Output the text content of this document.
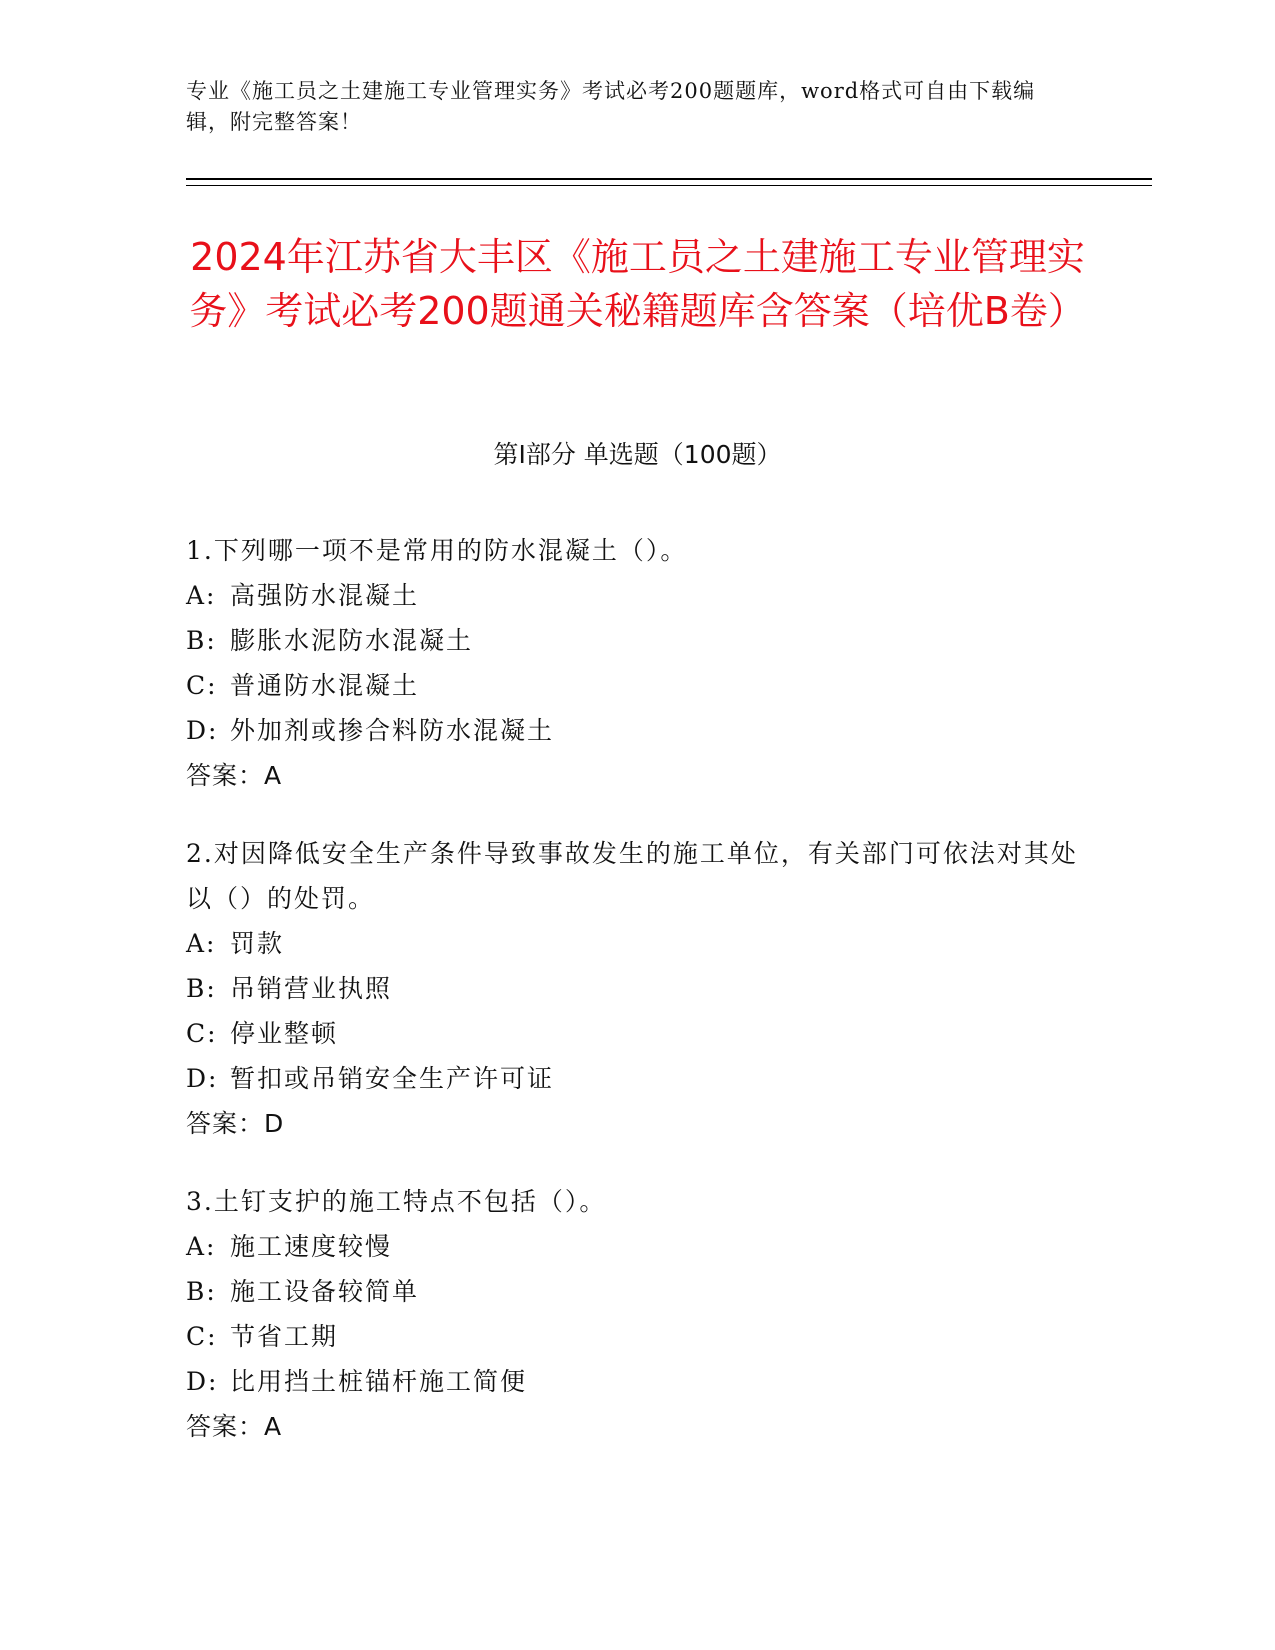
专业《施工员之土建施工专业管理实务》考试必考200题题库，word格式可自由下载编辑，附完整答案！
2024年江苏省大丰区《施工员之土建施工专业管理实务》考试必考200题通关秘籍题库含答案（培优B卷）
第Ⅰ部分 单选题（100题）
1.下列哪一项不是常用的防水混凝土（）。
A: 高强防水混凝土
B: 膨胀水泥防水混凝土
C: 普通防水混凝土
D: 外加剂或掺合料防水混凝土
答案：A
2.对因降低安全生产条件导致事故发生的施工单位，有关部门可依法对其处以（）的处罚。
A: 罚款
B: 吊销营业执照
C: 停业整顿
D: 暂扣或吊销安全生产许可证
答案：D
3.土钉支护的施工特点不包括（）。
A: 施工速度较慢
B: 施工设备较简单
C: 节省工期
D: 比用挡土桩锚杆施工简便
答案：A
